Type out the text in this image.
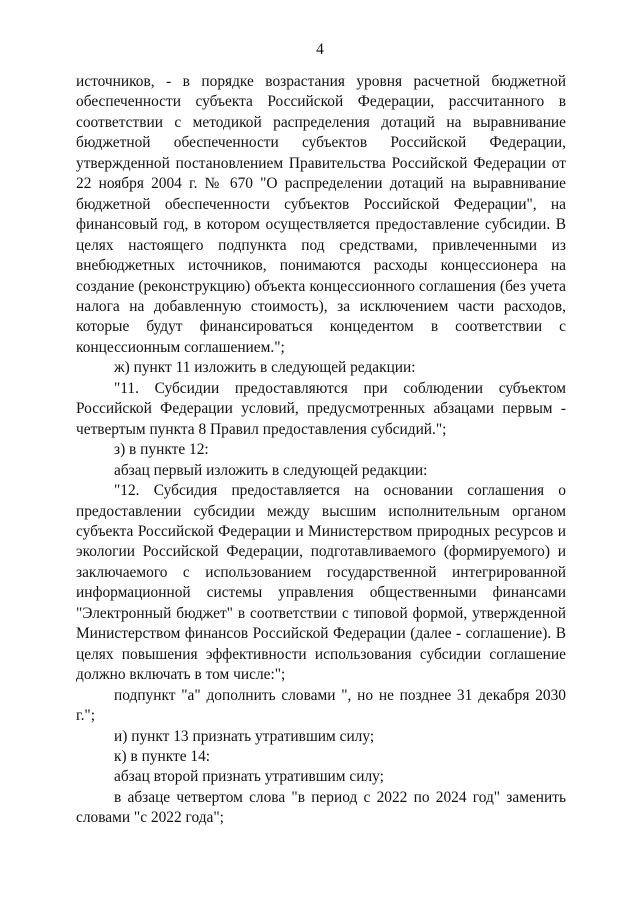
4

источников, - в порядке возрастания уровня расчетной бюджетной обеспеченности субъекта Российской Федерации, рассчитанного в соответствии с методикой распределения дотаций на выравнивание бюджетной обеспеченности субъектов Российской Федерации, утвержденной постановлением Правительства Российской Федерации от 22 ноября 2004 г. № 670 "О распределении дотаций на выравнивание бюджетной обеспеченности субъектов Российской Федерации", на финансовый год, в котором осуществляется предоставление субсидии. В целях настоящего подпункта под средствами, привлеченными из внебюджетных источников, понимаются расходы концессионера на создание (реконструкцию) объекта концессионного соглашения (без учета налога на добавленную стоимость), за исключением части расходов, которые будут финансироваться концедентом в соответствии с концессионным соглашением.";

ж) пункт 11 изложить в следующей редакции:

"11. Субсидии предоставляются при соблюдении субъектом Российской Федерации условий, предусмотренных абзацами первым - четвертым пункта 8 Правил предоставления субсидий.";

з) в пункте 12:

абзац первый изложить в следующей редакции:

"12. Субсидия предоставляется на основании соглашения о предоставлении субсидии между высшим исполнительным органом субъекта Российской Федерации и Министерством природных ресурсов и экологии Российской Федерации, подготавливаемого (формируемого) и заключаемого с использованием государственной интегрированной информационной системы управления общественными финансами "Электронный бюджет" в соответствии с типовой формой, утвержденной Министерством финансов Российской Федерации (далее - соглашение). В целях повышения эффективности использования субсидии соглашение должно включать в том числе:";

подпункт "а" дополнить словами ", но не позднее 31 декабря 2030 г.";

и) пункт 13 признать утратившим силу;

к) в пункте 14:

абзац второй признать утратившим силу;

в абзаце четвертом слова "в период с 2022 по 2024 год" заменить словами "с 2022 года";
